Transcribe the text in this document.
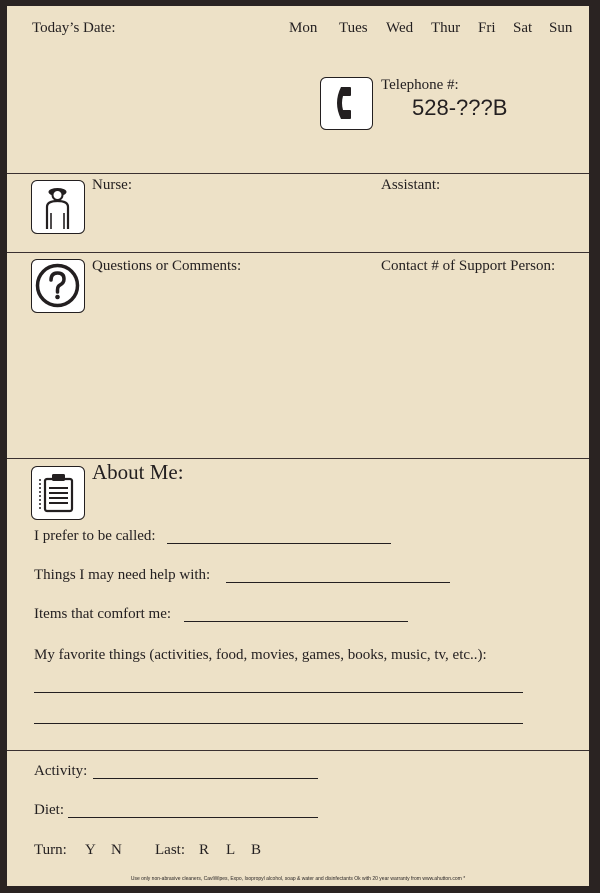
Today’s Date:	Mon Tues Wed Thur Fri Sat Sun
Telephone #:
528-???B
Nurse:	Assistant:
Questions or Comments:	Contact # of Support Person:
About Me:
I prefer to be called:
Things I may need help with:
Items that comfort me:
My favorite things (activities, food, movies, games, books, music, tv, etc..):
Activity:
Diet:
Turn: Y N Last: R L B
Use only non-abrasive cleaners, CaviWipes, Expo, Isopropyl alcohol, soap & water and disinfectants Ok with 20 year warranty from www.ahutton.com *
